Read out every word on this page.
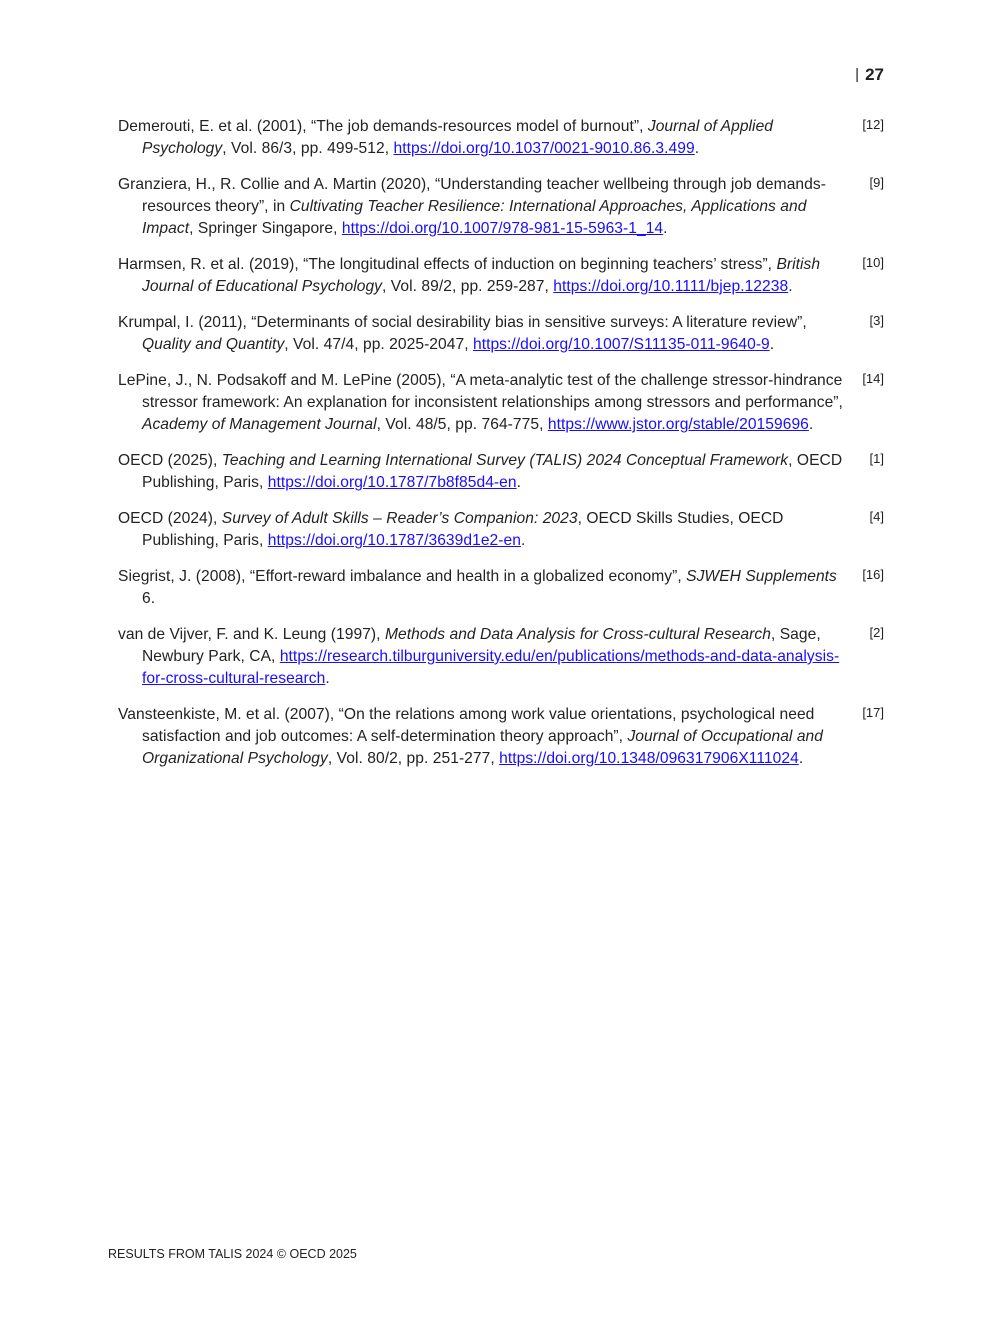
| 27
Demerouti, E. et al. (2001), “The job demands-resources model of burnout”, Journal of Applied Psychology, Vol. 86/3, pp. 499-512, https://doi.org/10.1037/0021-9010.86.3.499.
[12]
Granziera, H., R. Collie and A. Martin (2020), “Understanding teacher wellbeing through job demands-resources theory”, in Cultivating Teacher Resilience: International Approaches, Applications and Impact, Springer Singapore, https://doi.org/10.1007/978-981-15-5963-1_14.
[9]
Harmsen, R. et al. (2019), “The longitudinal effects of induction on beginning teachers’ stress”, British Journal of Educational Psychology, Vol. 89/2, pp. 259-287, https://doi.org/10.1111/bjep.12238.
[10]
Krumpal, I. (2011), “Determinants of social desirability bias in sensitive surveys: A literature review”, Quality and Quantity, Vol. 47/4, pp. 2025-2047, https://doi.org/10.1007/S11135-011-9640-9.
[3]
LePine, J., N. Podsakoff and M. LePine (2005), “A meta-analytic test of the challenge stressor-hindrance stressor framework: An explanation for inconsistent relationships among stressors and performance”, Academy of Management Journal, Vol. 48/5, pp. 764-775, https://www.jstor.org/stable/20159696.
[14]
OECD (2025), Teaching and Learning International Survey (TALIS) 2024 Conceptual Framework, OECD Publishing, Paris, https://doi.org/10.1787/7b8f85d4-en.
[1]
OECD (2024), Survey of Adult Skills – Reader’s Companion: 2023, OECD Skills Studies, OECD Publishing, Paris, https://doi.org/10.1787/3639d1e2-en.
[4]
Siegrist, J. (2008), “Effort-reward imbalance and health in a globalized economy”, SJWEH Supplements 6.
[16]
van de Vijver, F. and K. Leung (1997), Methods and Data Analysis for Cross-cultural Research, Sage, Newbury Park, CA, https://research.tilburguniversity.edu/en/publications/methods-and-data-analysis-for-cross-cultural-research.
[2]
Vansteenkiste, M. et al. (2007), “On the relations among work value orientations, psychological need satisfaction and job outcomes: A self-determination theory approach”, Journal of Occupational and Organizational Psychology, Vol. 80/2, pp. 251-277, https://doi.org/10.1348/096317906X111024.
[17]
RESULTS FROM TALIS 2024 © OECD 2025
